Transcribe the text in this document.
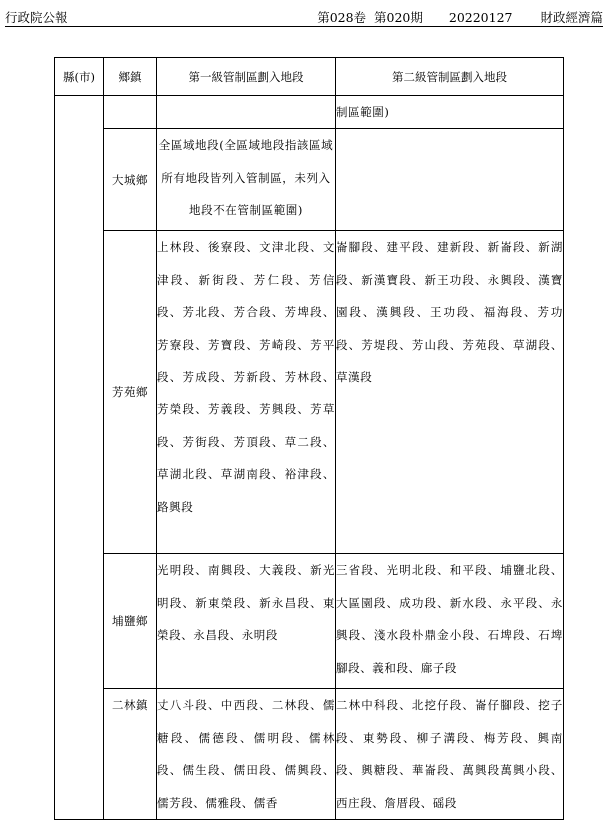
行政院公報	第028卷 第020期 20220127 財政經濟篇
縣(市)	鄉鎮	第一級管制區劃入地段	第二級管制區劃入地段
			制區範圍)
	大城鄉	全區域地段(全區域地段指該區域所有地段皆列入管制區，未列入地段不在管制區範圍)	
	芳苑鄉	上林段、後寮段、文津北段、文津段、新街段、芳仁段、芳信段、芳北段、芳合段、芳埤段、芳寮段、芳寶段、芳崎段、芳平段、芳成段、芳新段、芳林段、芳榮段、芳義段、芳興段、芳草段、芳街段、芳頂段、草二段、草湖北段、草湖南段、裕津段、路興段	崙腳段、建平段、建新段、新崙段、新湖段、新漢寶段、新王功段、永興段、漢寶園段、漢興段、王功段、福海段、芳功段、芳堤段、芳山段、芳苑段、草湖段、草漢段
	埔鹽鄉	光明段、南興段、大義段、新光明段、新東榮段、新永昌段、東榮段、永昌段、永明段	三省段、光明北段、和平段、埔鹽北段、大區園段、成功段、新水段、永平段、永興段、淺水段朴鼎金小段、石埤段、石埤腳段、義和段、廍子段
	二林鎮	丈八斗段、中西段、二林段、儒糖段、儒德段、儒明段、儒林段、儒生段、儒田段、儒興段、儒芳段、儒雅段、儒香	二林中科段、北挖仔段、崙仔腳段、挖子段、東勢段、柳子溝段、梅芳段、興南段、興糖段、華崙段、萬興段萬興小段、西庄段、詹厝段、磘段
